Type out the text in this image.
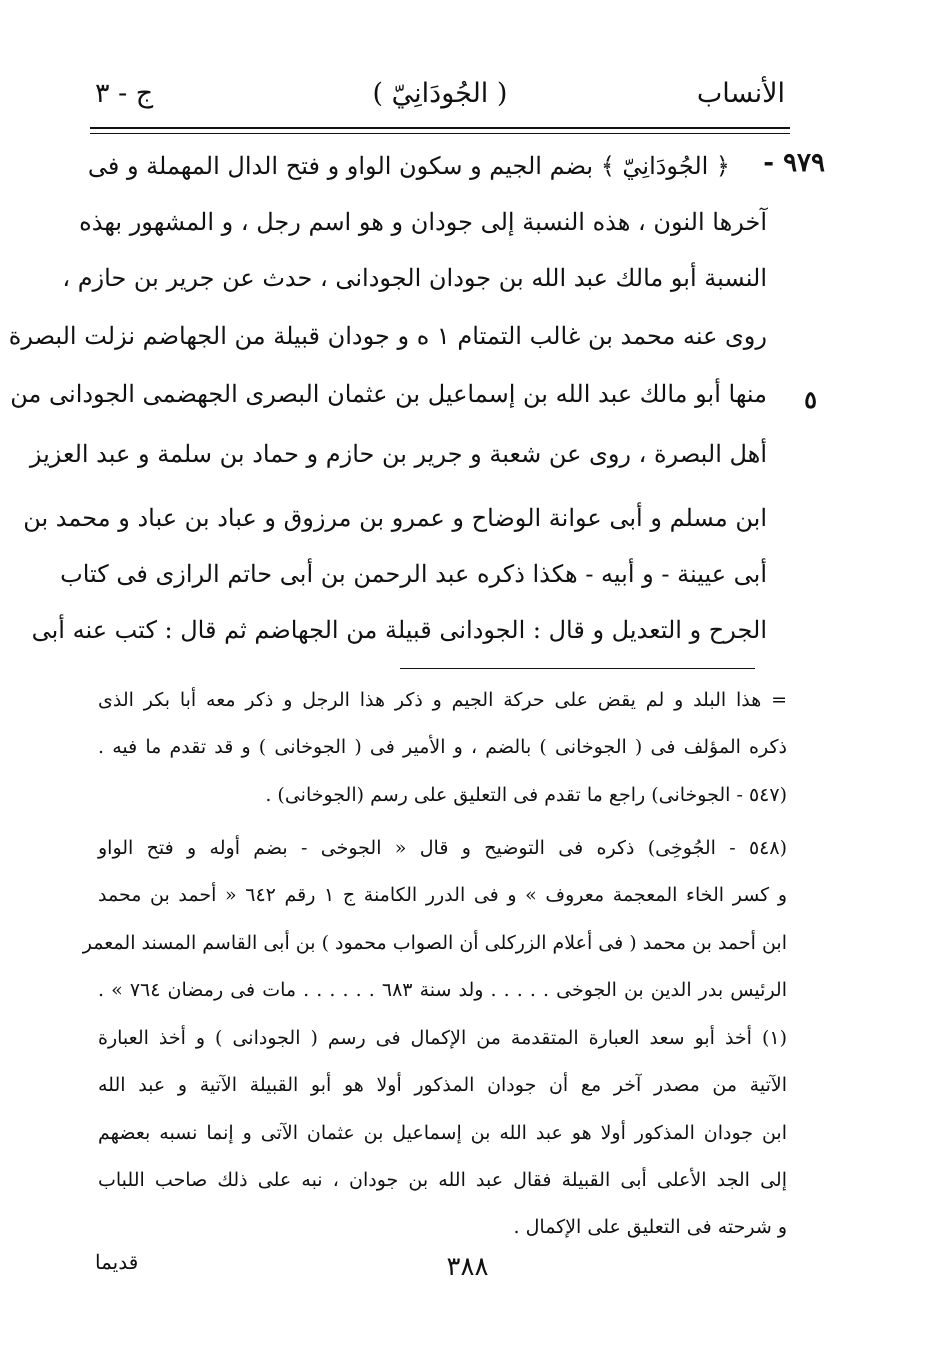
الأنساب
( الجُودَانِيّ )
ج - ٣
٩٧٩ -
٥
﴿ الجُودَانِيّ ﴾ بضم الجيم و سكون الواو و فتح الدال المهملة و فى
آخرها النون ، هذه النسبة إلى جودان و هو اسم رجل ، و المشهور بهذه
النسبة أبو مالك عبد الله بن جودان الجودانى ، حدث عن جرير بن حازم ،
روى عنه محمد بن غالب التمتام ١ ه و جودان قبيلة من الجهاضم نزلت البصرة
منها أبو مالك عبد الله بن إسماعيل بن عثمان البصرى الجهضمى الجودانى من
أهل البصرة ، روى عن شعبة و جرير بن حازم و حماد بن سلمة و عبد العزيز
ابن مسلم و أبى عوانة الوضاح و عمرو بن مرزوق و عباد بن عباد و محمد بن
أبى عيينة - و أبيه - هكذا ذكره عبد الرحمن بن أبى حاتم الرازى فى كتاب
الجرح و التعديل و قال : الجودانى قبيلة من الجهاضم ثم قال : كتب عنه أبى
= هذا البلد و لم يقض على حركة الجيم و ذكر هذا الرجل و ذكر معه أبا بكر الذى
ذكره المؤلف فى ( الجوخانى ) بالضم ، و الأمير فى ( الجوخانى ) و قد تقدم ما فيه .
(٥٤٧ - الجوخانى) راجع ما تقدم فى التعليق على رسم (الجوخانى) .
(٥٤٨ - الجُوخِى) ذكره فى التوضيح و قال « الجوخى - بضم أوله و فتح الواو
و كسر الخاء المعجمة معروف » و فى الدرر الكامنة ج ١ رقم ٦٤٢ « أحمد بن محمد
ابن أحمد بن محمد ( فى أعلام الزركلى أن الصواب محمود ) بن أبى القاسم المسند المعمر
الرئيس بدر الدين بن الجوخى . . . . . ولد سنة ٦٨٣ . . . . . . مات فى رمضان ٧٦٤ » .
(١) أخذ أبو سعد العبارة المتقدمة من الإكمال فى رسم ( الجودانى ) و أخذ العبارة
الآتية من مصدر آخر مع أن جودان المذكور أولا هو أبو القبيلة الآتية و عبد الله
ابن جودان المذكور أولا هو عبد الله بن إسماعيل بن عثمان الآتى و إنما نسبه بعضهم
إلى الجد الأعلى أبى القبيلة فقال عبد الله بن جودان ، نبه على ذلك صاحب اللباب
و شرحته فى التعليق على الإكمال .
٣٨٨
قديما
